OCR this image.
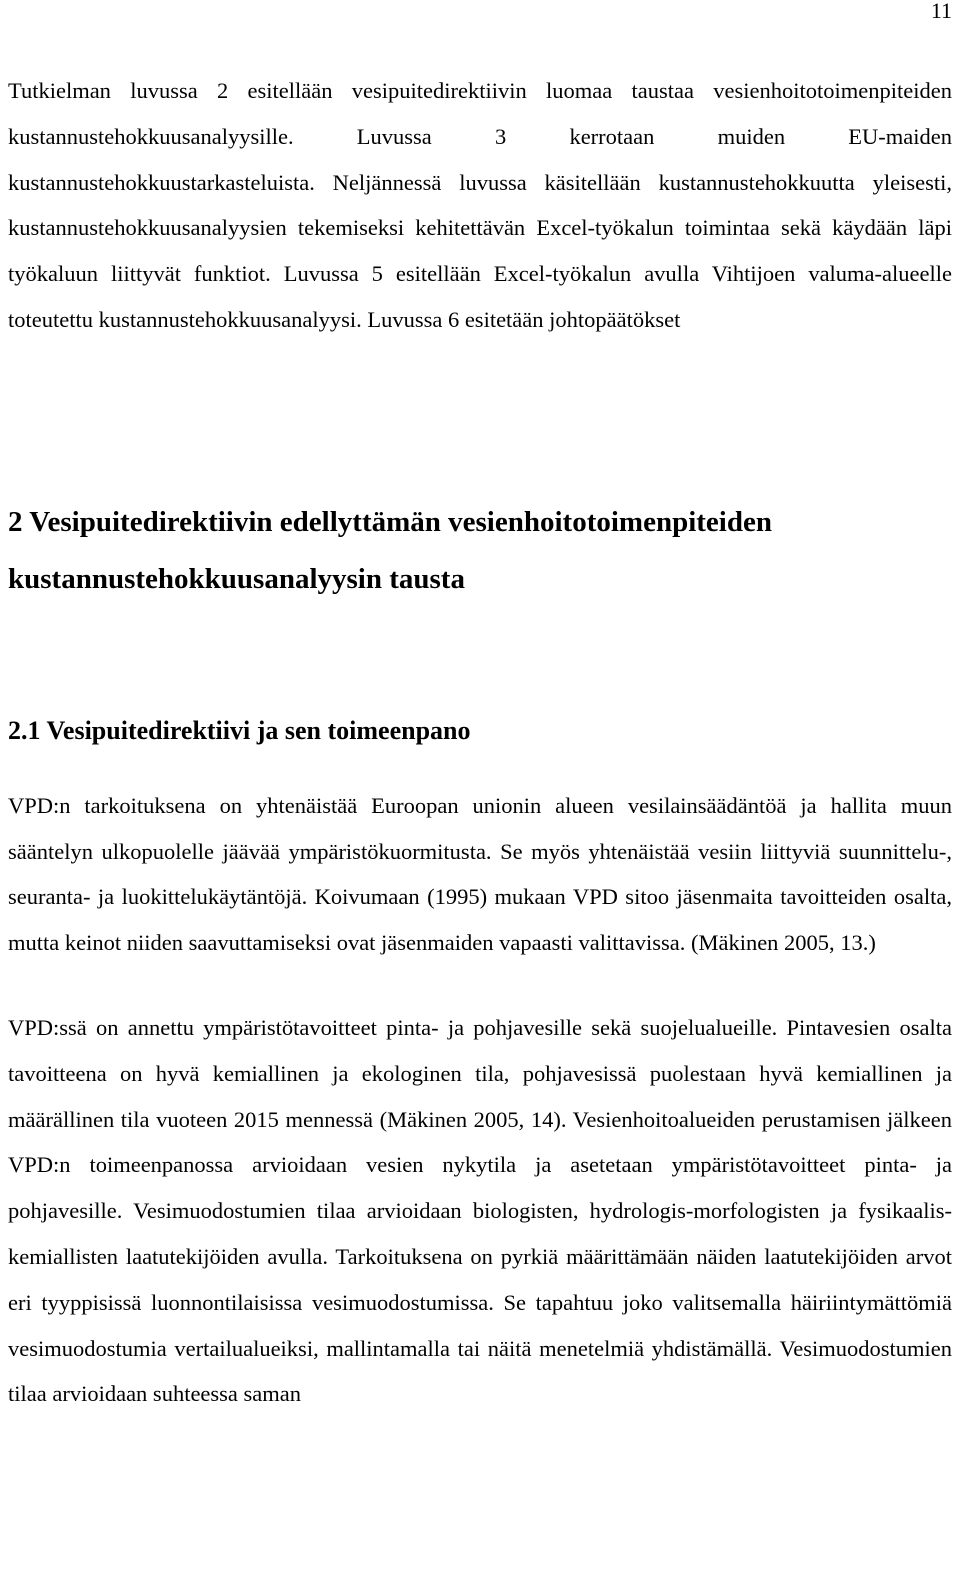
11

Tutkielman luvussa 2 esitellään vesipuitedirektiivin luomaa taustaa vesienhoitotoimenpiteiden kustannustehokkuusanalyysille. Luvussa 3 kerrotaan muiden EU-maiden kustannustehokkuustarkasteluista. Neljännessä luvussa käsitellään kustannustehokkuutta yleisesti, kustannustehokkuusanalyysien tekemiseksi kehitettävän Excel-työkalun toimintaa sekä käydään läpi työkaluun liittyvät funktiot. Luvussa 5 esitellään Excel-työkalun avulla Vihtijoen valuma-alueelle toteutettu kustannustehokkuusanalyysi. Luvussa 6 esitetään johtopäätökset

2 Vesipuitedirektiivin edellyttämän vesienhoitotoimenpiteiden kustannustehokkuusanalyysin tausta
2.1 Vesipuitedirektiivi ja sen toimeenpano

VPD:n tarkoituksena on yhtenäistää Euroopan unionin alueen vesilainsäädäntöä ja hallita muun sääntelyn ulkopuolelle jäävää ympäristökuormitusta. Se myös yhtenäistää vesiin liittyviä suunnittelu-, seuranta- ja luokittelukäytäntöjä. Koivumaan (1995) mukaan VPD sitoo jäsenmaita tavoitteiden osalta, mutta keinot niiden saavuttamiseksi ovat jäsenmaiden vapaasti valittavissa. (Mäkinen 2005, 13.)

VPD:ssä on annettu ympäristötavoitteet pinta- ja pohjavesille sekä suojelualueille. Pintavesien osalta tavoitteena on hyvä kemiallinen ja ekologinen tila, pohjavesissä puolestaan hyvä kemiallinen ja määrällinen tila vuoteen 2015 mennessä (Mäkinen 2005, 14). Vesienhoitoalueiden perustamisen jälkeen VPD:n toimeenpanossa arvioidaan vesien nykytila ja asetetaan ympäristötavoitteet pinta- ja pohjavesille. Vesimuodostumien tilaa arvioidaan biologisten, hydrologis-morfologisten ja fysikaalis-kemiallisten laatutekijöiden avulla. Tarkoituksena on pyrkiä määrittämään näiden laatutekijöiden arvot eri tyyppisissä luonnontilaisissa vesimuodostumissa. Se tapahtuu joko valitsemalla häiriintymättömiä vesimuodostumia vertailualueiksi, mallintamalla tai näitä menetelmiä yhdistämällä. Vesimuodostumien tilaa arvioidaan suhteessa saman
